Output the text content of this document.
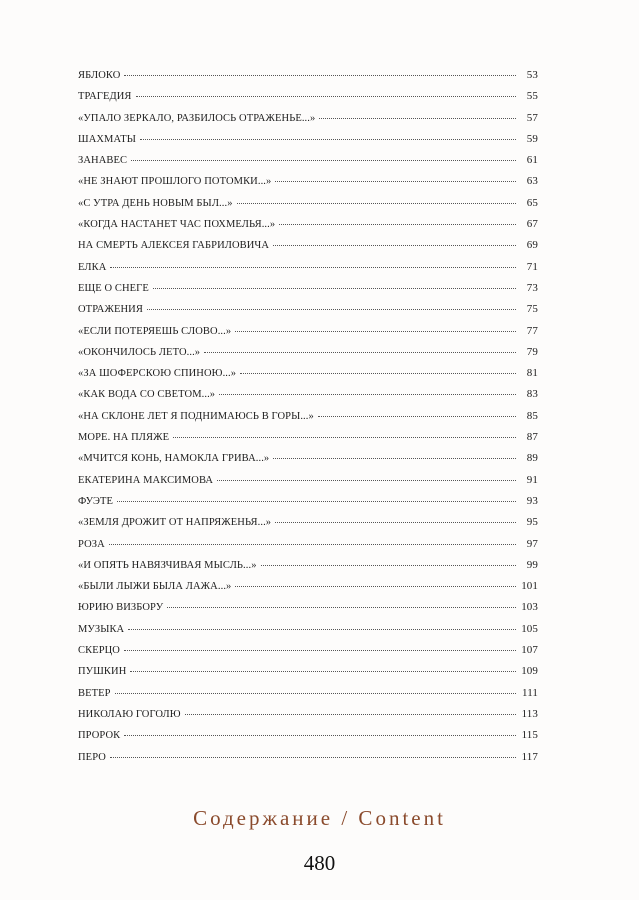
ЯБЛОКО	53
ТРАГЕДИЯ	55
«УПАЛО ЗЕРКАЛО, РАЗБИЛОСЬ ОТРАЖЕНЬЕ...»	57
ШАХМАТЫ	59
ЗАНАВЕС	61
«НЕ ЗНАЮТ ПРОШЛОГО ПОТОМКИ...»	63
«С УТРА ДЕНЬ НОВЫМ БЫЛ...»	65
«КОГДА НАСТАНЕТ ЧАС ПОХМЕЛЬЯ...»	67
НА СМЕРТЬ АЛЕКСЕЯ ГАБРИЛОВИЧА	69
ЕЛКА	71
ЕЩЕ О СНЕГЕ	73
ОТРАЖЕНИЯ	75
«ЕСЛИ ПОТЕРЯЕШЬ СЛОВО...»	77
«ОКОНЧИЛОСЬ ЛЕТО...»	79
«ЗА ШОФЕРСКОЮ СПИНОЮ...»	81
«КАК ВОДА СО СВЕТОМ...»	83
«НА СКЛОНЕ ЛЕТ Я ПОДНИМАЮСЬ В ГОРЫ...»	85
МОРЕ. НА ПЛЯЖЕ	87
«МЧИТСЯ КОНЬ, НАМОКЛА ГРИВА...»	89
ЕКАТЕРИНА МАКСИМОВА	91
ФУЭТЕ	93
«ЗЕМЛЯ ДРОЖИТ ОТ НАПРЯЖЕНЬЯ...»	95
РОЗА	97
«И ОПЯТЬ НАВЯЗЧИВАЯ МЫСЛЬ...»	99
«БЫЛИ ЛЫЖИ БЫЛА ЛАЖА...»	101
ЮРИЮ ВИЗБОРУ	103
МУЗЫКА	105
СКЕРЦО	107
ПУШКИН	109
ВЕТЕР	111
НИКОЛАЮ ГОГОЛЮ	113
ПРОРОК	115
ПЕРО	117
Содержание / Content
480
